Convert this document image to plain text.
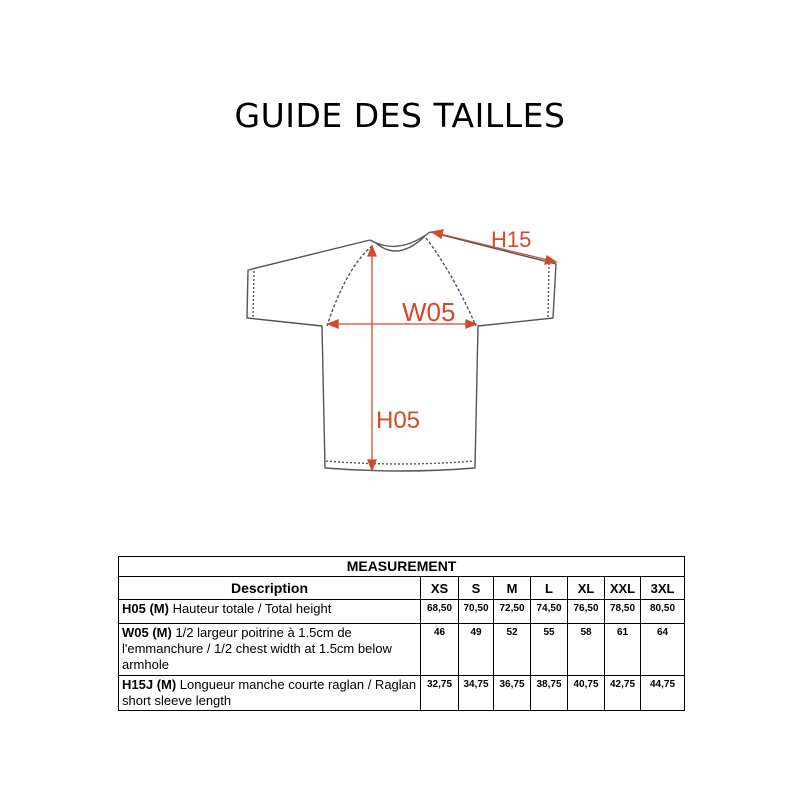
GUIDE DES TAILLES
H15
W05
H05
MEASUREMENT							
Description	XS	S	M	L	XL	XXL	3XL
H05 (M) Hauteur totale / Total height	68,50	70,50	72,50	74,50	76,50	78,50	80,50
W05 (M) 1/2 largeur poitrine à 1.5cm de l'emmanchure / 1/2 chest width at 1.5cm below armhole	46	49	52	55	58	61	64
H15J (M) Longueur manche courte raglan / Raglan short sleeve length	32,75	34,75	36,75	38,75	40,75	42,75	44,75
